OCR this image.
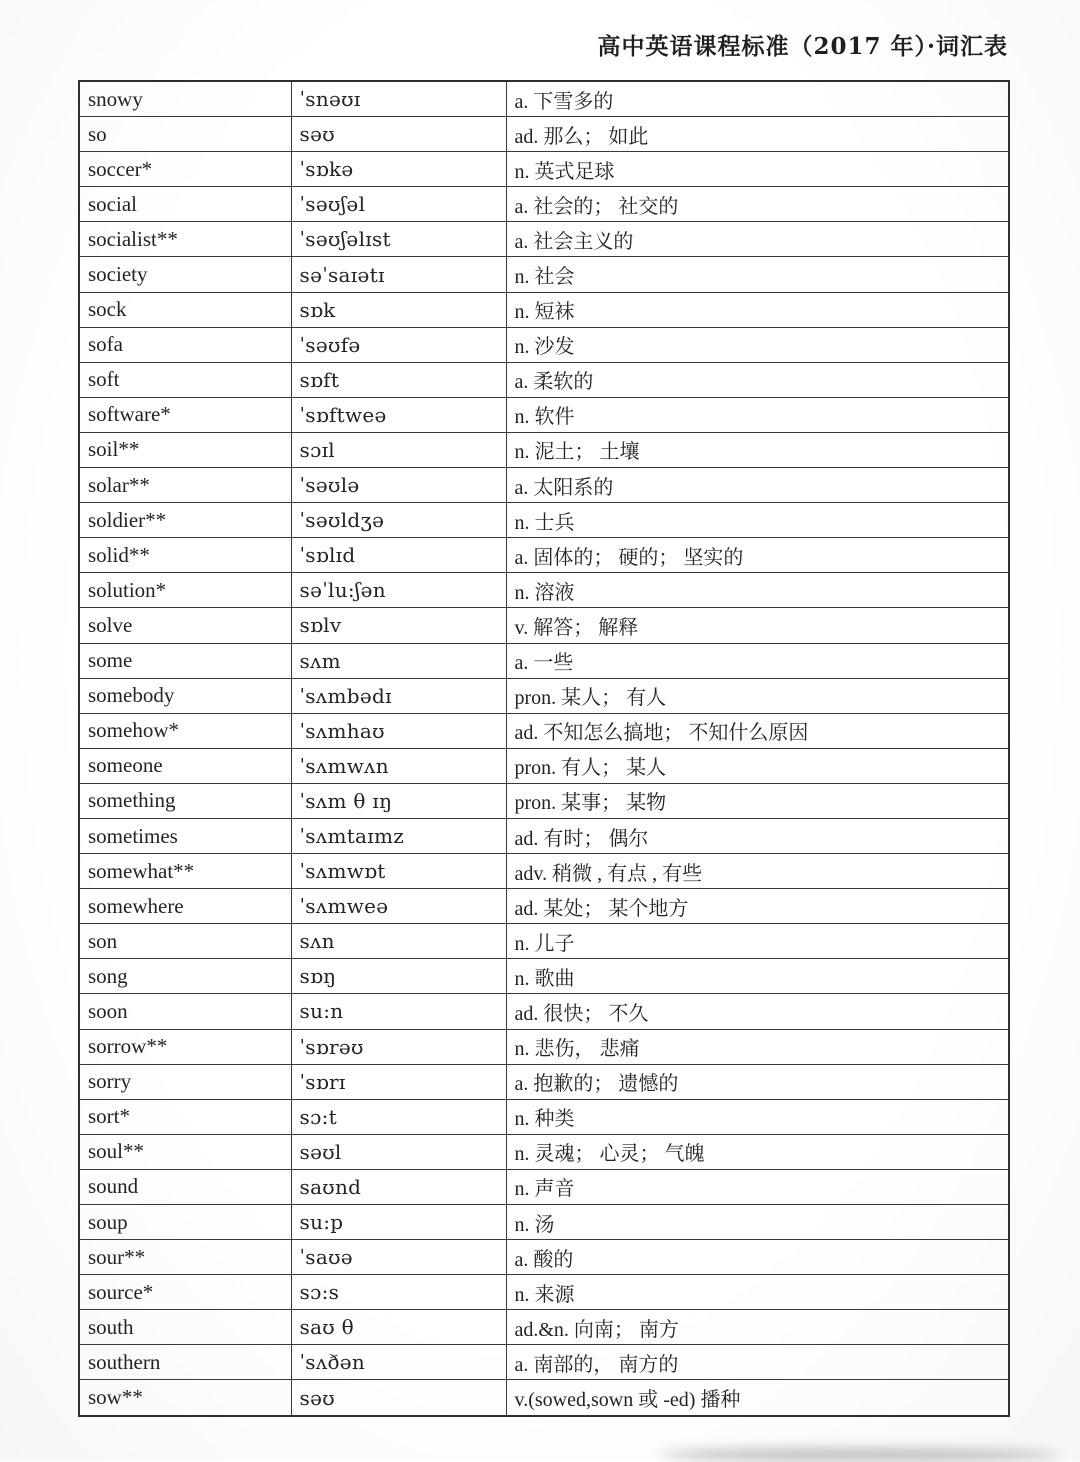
高中英语课程标准（2017 年）·词汇表
snowy	ˈsnəʊɪ	a. 下雪多的
so	səʊ	ad. 那么； 如此
soccer*	ˈsɒkə	n. 英式足球
social	ˈsəʊʃəl	a. 社会的； 社交的
socialist**	ˈsəʊʃəlɪst	a. 社会主义的
society	səˈsaɪətɪ	n. 社会
sock	sɒk	n. 短袜
sofa	ˈsəʊfə	n. 沙发
soft	sɒft	a. 柔软的
software*	ˈsɒftweə	n. 软件
soil**	sɔɪl	n. 泥土； 土壤
solar**	ˈsəʊlə	a. 太阳系的
soldier**	ˈsəʊldʒə	n. 士兵
solid**	ˈsɒlɪd	a. 固体的； 硬的； 坚实的
solution*	səˈlu:ʃən	n. 溶液
solve	sɒlv	v. 解答； 解释
some	sʌm	a. 一些
somebody	ˈsʌmbədɪ	pron. 某人； 有人
somehow*	ˈsʌmhaʊ	ad. 不知怎么搞地； 不知什么原因
someone	ˈsʌmwʌn	pron. 有人； 某人
something	ˈsʌm θ ɪŋ	pron. 某事； 某物
sometimes	ˈsʌmtaɪmz	ad. 有时； 偶尔
somewhat**	ˈsʌmwɒt	adv. 稍微 , 有点 , 有些
somewhere	ˈsʌmweə	ad. 某处； 某个地方
son	sʌn	n. 儿子
song	sɒŋ	n. 歌曲
soon	su:n	ad. 很快； 不久
sorrow**	ˈsɒrəʊ	n. 悲伤， 悲痛
sorry	ˈsɒrɪ	a. 抱歉的； 遗憾的
sort*	sɔ:t	n. 种类
soul**	səʊl	n. 灵魂； 心灵； 气魄
sound	saʊnd	n. 声音
soup	su:p	n. 汤
sour**	ˈsaʊə	a. 酸的
source*	sɔ:s	n. 来源
south	saʊ θ	ad.&n. 向南； 南方
southern	ˈsʌðən	a. 南部的， 南方的
sow**	səʊ	v.(sowed,sown 或 -ed) 播种
